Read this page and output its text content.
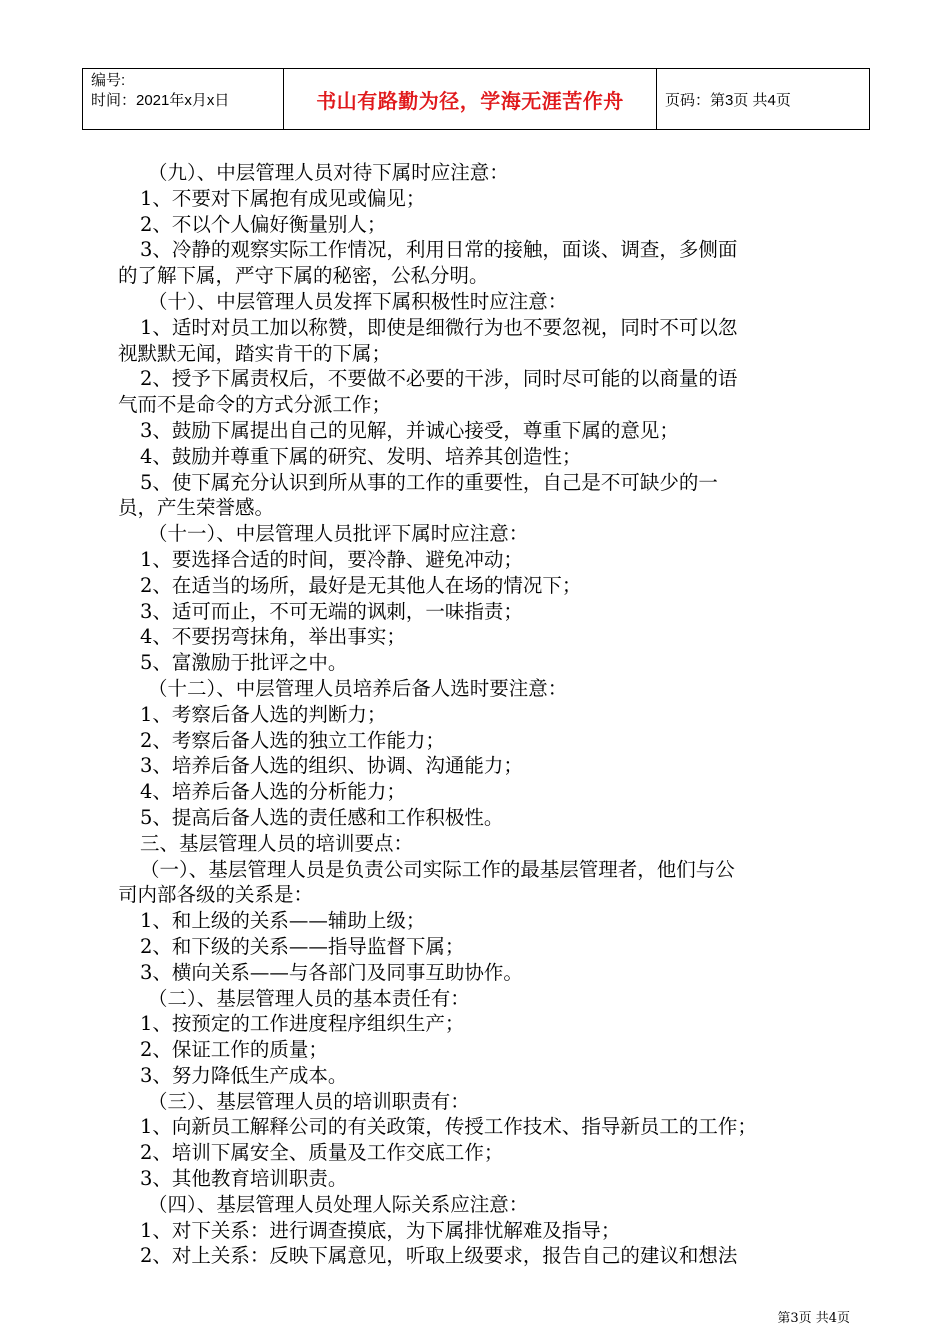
编号:
时间：2021年x月x日	书山有路勤为径，学海无涯苦作舟	页码：第3页 共4页

（九）、中层管理人员对待下属时应注意：

1、不要对下属抱有成见或偏见；

2、不以个人偏好衡量别人；

3、冷静的观察实际工作情况，利用日常的接触，面谈、调查，多侧面

的了解下属，严守下属的秘密，公私分明。

（十）、中层管理人员发挥下属积极性时应注意：

1、适时对员工加以称赞，即使是细微行为也不要忽视，同时不可以忽

视默默无闻，踏实肯干的下属；

2、授予下属责权后，不要做不必要的干涉，同时尽可能的以商量的语

气而不是命令的方式分派工作；

3、鼓励下属提出自己的见解，并诚心接受，尊重下属的意见；

4、鼓励并尊重下属的研究、发明、培养其创造性；

5、使下属充分认识到所从事的工作的重要性，自己是不可缺少的一

员，产生荣誉感。

（十一）、中层管理人员批评下属时应注意：

1、要选择合适的时间，要冷静、避免冲动；

2、在适当的场所，最好是无其他人在场的情况下；

3、适可而止，不可无端的讽刺，一味指责；

4、不要拐弯抹角，举出事实；

5、富激励于批评之中。

（十二）、中层管理人员培养后备人选时要注意：

1、考察后备人选的判断力；

2、考察后备人选的独立工作能力；

3、培养后备人选的组织、协调、沟通能力；

4、培养后备人选的分析能力；

5、提高后备人选的责任感和工作积极性。

三、基层管理人员的培训要点：

（一）、基层管理人员是负责公司实际工作的最基层管理者，他们与公

司内部各级的关系是：

1、和上级的关系——辅助上级；

2、和下级的关系——指导监督下属；

3、横向关系——与各部门及同事互助协作。

（二）、基层管理人员的基本责任有：

1、按预定的工作进度程序组织生产；

2、保证工作的质量；

3、努力降低生产成本。

（三）、基层管理人员的培训职责有：

1、向新员工解释公司的有关政策，传授工作技术、指导新员工的工作；

2、培训下属安全、质量及工作交底工作；

3、其他教育培训职责。

（四）、基层管理人员处理人际关系应注意：

1、对下关系：进行调查摸底，为下属排忧解难及指导；

2、对上关系：反映下属意见，听取上级要求，报告自己的建议和想法

第3页 共4页
